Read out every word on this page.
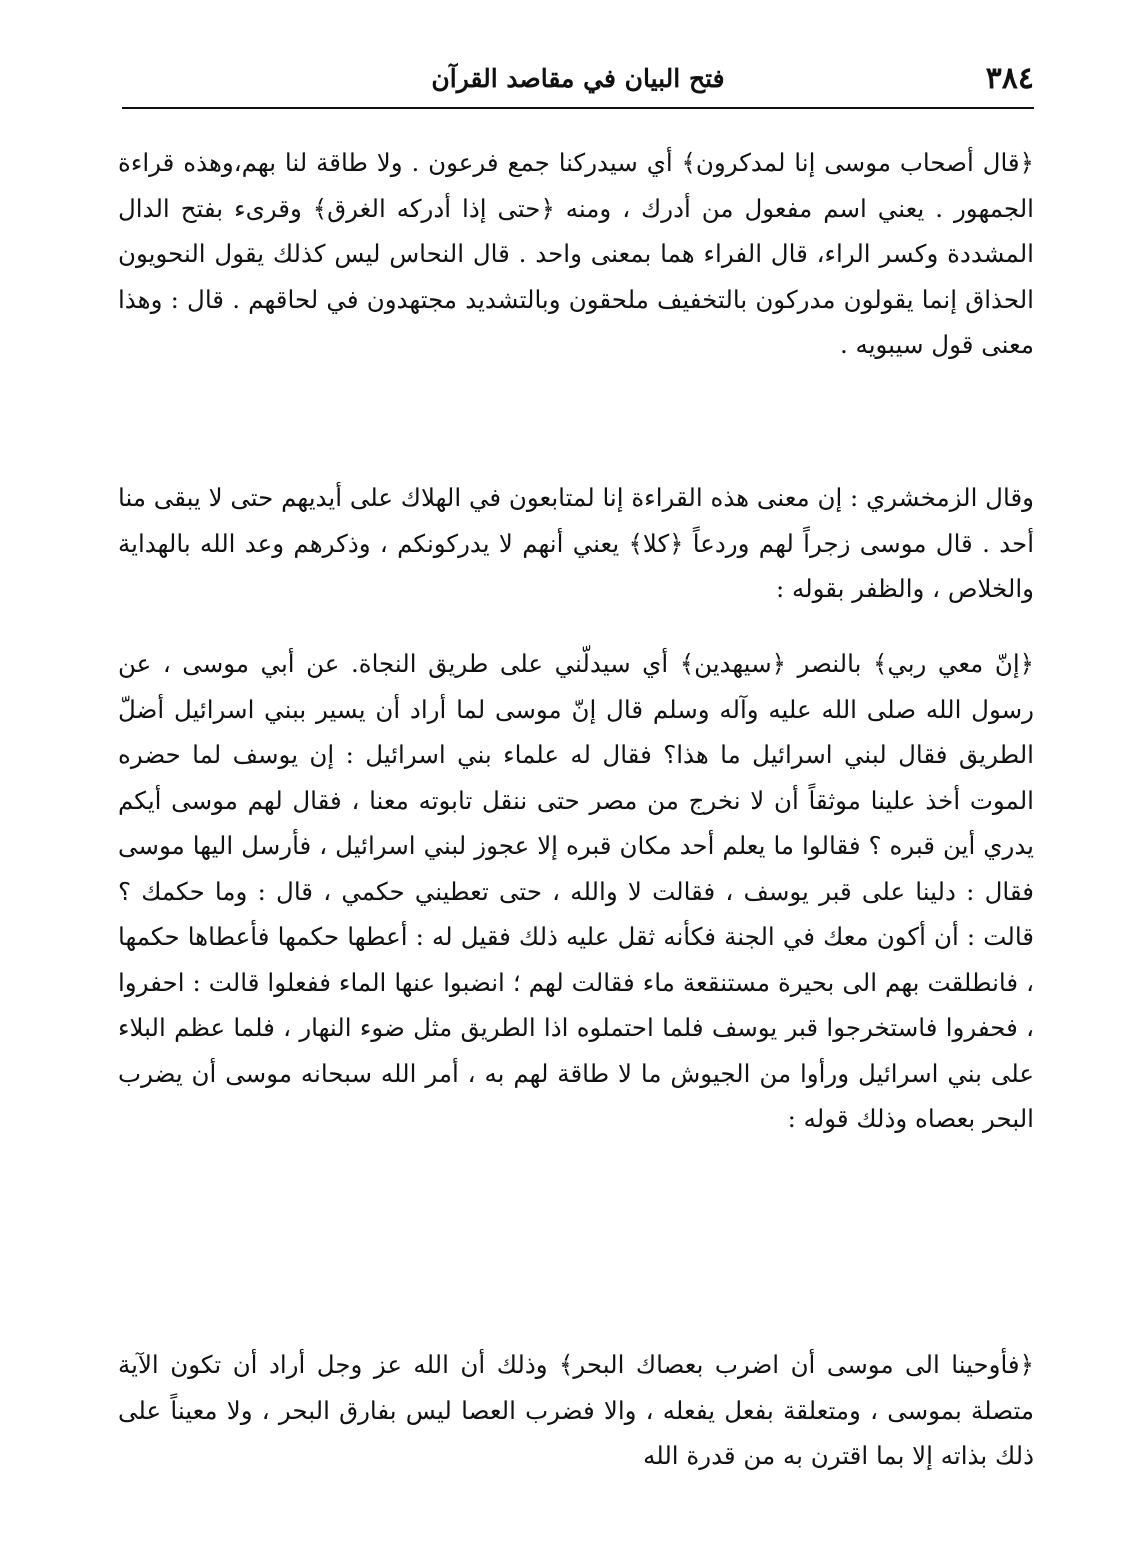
٣٨٤
فتح البيان في مقاصد القرآن

﴿قال أصحاب موسى إنا لمدكرون﴾ أي سيدركنا جمع فرعون . ولا طاقة لنا بهم،وهذه قراءة الجمهور . يعني اسم مفعول من أدرك ، ومنه ﴿حتى إذا أدركه الغرق﴾ وقرىء بفتح الدال المشددة وكسر الراء، قال الفراء هما بمعنى واحد . قال النحاس ليس كذلك يقول النحويون الحذاق إنما يقولون مدركون بالتخفيف ملحقون وبالتشديد مجتهدون في لحاقهم . قال : وهذا معنى قول سيبويه .

وقال الزمخشري : إن معنى هذه القراءة إنا لمتابعون في الهلاك على أيديهم حتى لا يبقى منا أحد . قال موسى زجراً لهم وردعاً ﴿كلا﴾ يعني أنهم لا يدركونكم ، وذكرهم وعد الله بالهداية والخلاص ، والظفر بقوله :

﴿إنّ معي ربي﴾ بالنصر ﴿سيهدين﴾ أي سيدلّني على طريق النجاة. عن أبي موسى ، عن رسول الله صلى الله عليه وآله وسلم قال إنّ موسى لما أراد أن يسير ببني اسرائيل أضلّ الطريق فقال لبني اسرائيل ما هذا؟ فقال له علماء بني اسرائيل : إن يوسف لما حضره الموت أخذ علينا موثقاً أن لا نخرج من مصر حتى ننقل تابوته معنا ، فقال لهم موسى أيكم يدري أين قبره ؟ فقالوا ما يعلم أحد مكان قبره إلا عجوز لبني اسرائيل ، فأرسل اليها موسى فقال : دلينا على قبر يوسف ، فقالت لا والله ، حتى تعطيني حكمي ، قال : وما حكمك ؟ قالت : أن أكون معك في الجنة فكأنه ثقل عليه ذلك فقيل له : أعطها حكمها فأعطاها حكمها ، فانطلقت بهم الى بحيرة مستنقعة ماء فقالت لهم ؛ انضبوا عنها الماء ففعلوا قالت : احفروا ، فحفروا فاستخرجوا قبر يوسف فلما احتملوه اذا الطريق مثل ضوء النهار ، فلما عظم البلاء على بني اسرائيل ورأوا من الجيوش ما لا طاقة لهم به ، أمر الله سبحانه موسى أن يضرب البحر بعصاه وذلك قوله :

﴿فأوحينا الى موسى أن اضرب بعصاك البحر﴾ وذلك أن الله عز وجل أراد أن تكون الآية متصلة بموسى ، ومتعلقة بفعل يفعله ، والا فضرب العصا ليس بفارق البحر ، ولا معيناً على ذلك بذاته إلا بما اقترن به من قدرة الله
